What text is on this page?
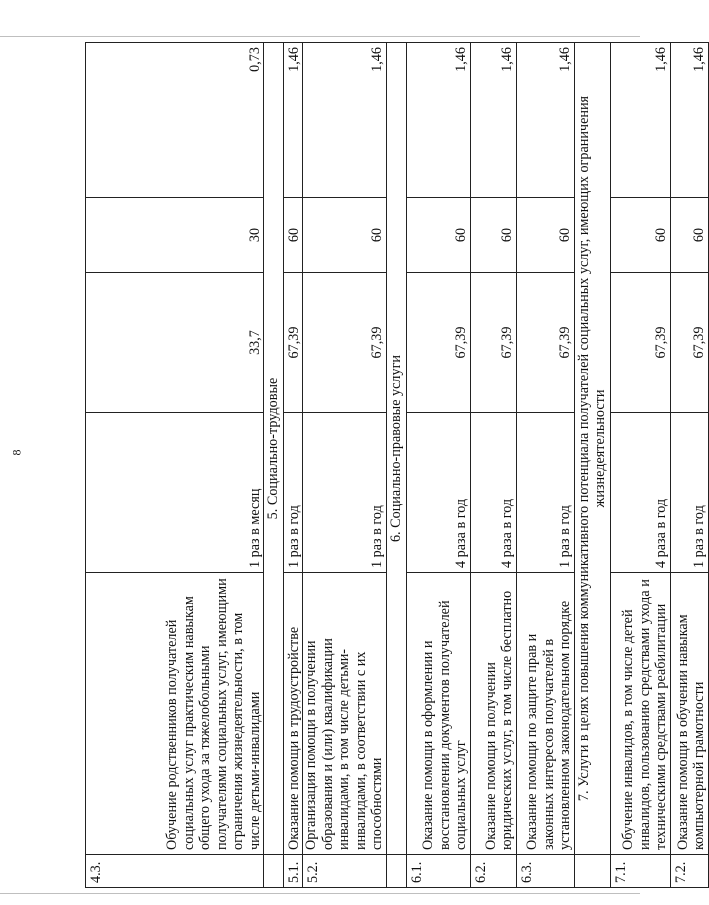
8
4.3.	Обучение родственников получателей социальных услуг практическим навыкам общего ухода за тяжелобольными получателями социальных услуг, имеющими ограничения жизнедеятельности, в том числе детьми-инвалидами	1 раз в месяц	33,7	30	0,73
	5. Социально-трудовые				
5.1.	Оказание помощи в трудоустройстве	1 раз в год	67,39	60	1,46
5.2.	Организация помощи в получении образования и (или) квалификации инвалидами, в том числе детьми-инвалидами, в соответствии с их способностями	1 раз в год	67,39	60	1,46
	6. Социально-правовые услуги				
6.1.	Оказание помощи в оформлении и восстановлении документов получателей социальных услуг	4 раза в год	67,39	60	1,46
6.2.	Оказание помощи в получении юридических услуг, в том числе бесплатно	4 раза в год	67,39	60	1,46
6.3.	Оказание помощи по защите прав и законных интересов получателей в установленном законодательном порядке	1 раз в год	67,39	60	1,46
	7. Услуги в целях повышения коммуникативного потенциала получателей социальных услуг, имеющих ограничения жизнедеятельности				
7.1.	Обучение инвалидов, в том числе детей инвалидов, пользованию средствами ухода и техническими средствами реабилитации	4 раза в год	67,39	60	1,46
7.2.	Оказание помощи в обучении навыкам компьютерной грамотности	1 раз в год	67,39	60	1,46
